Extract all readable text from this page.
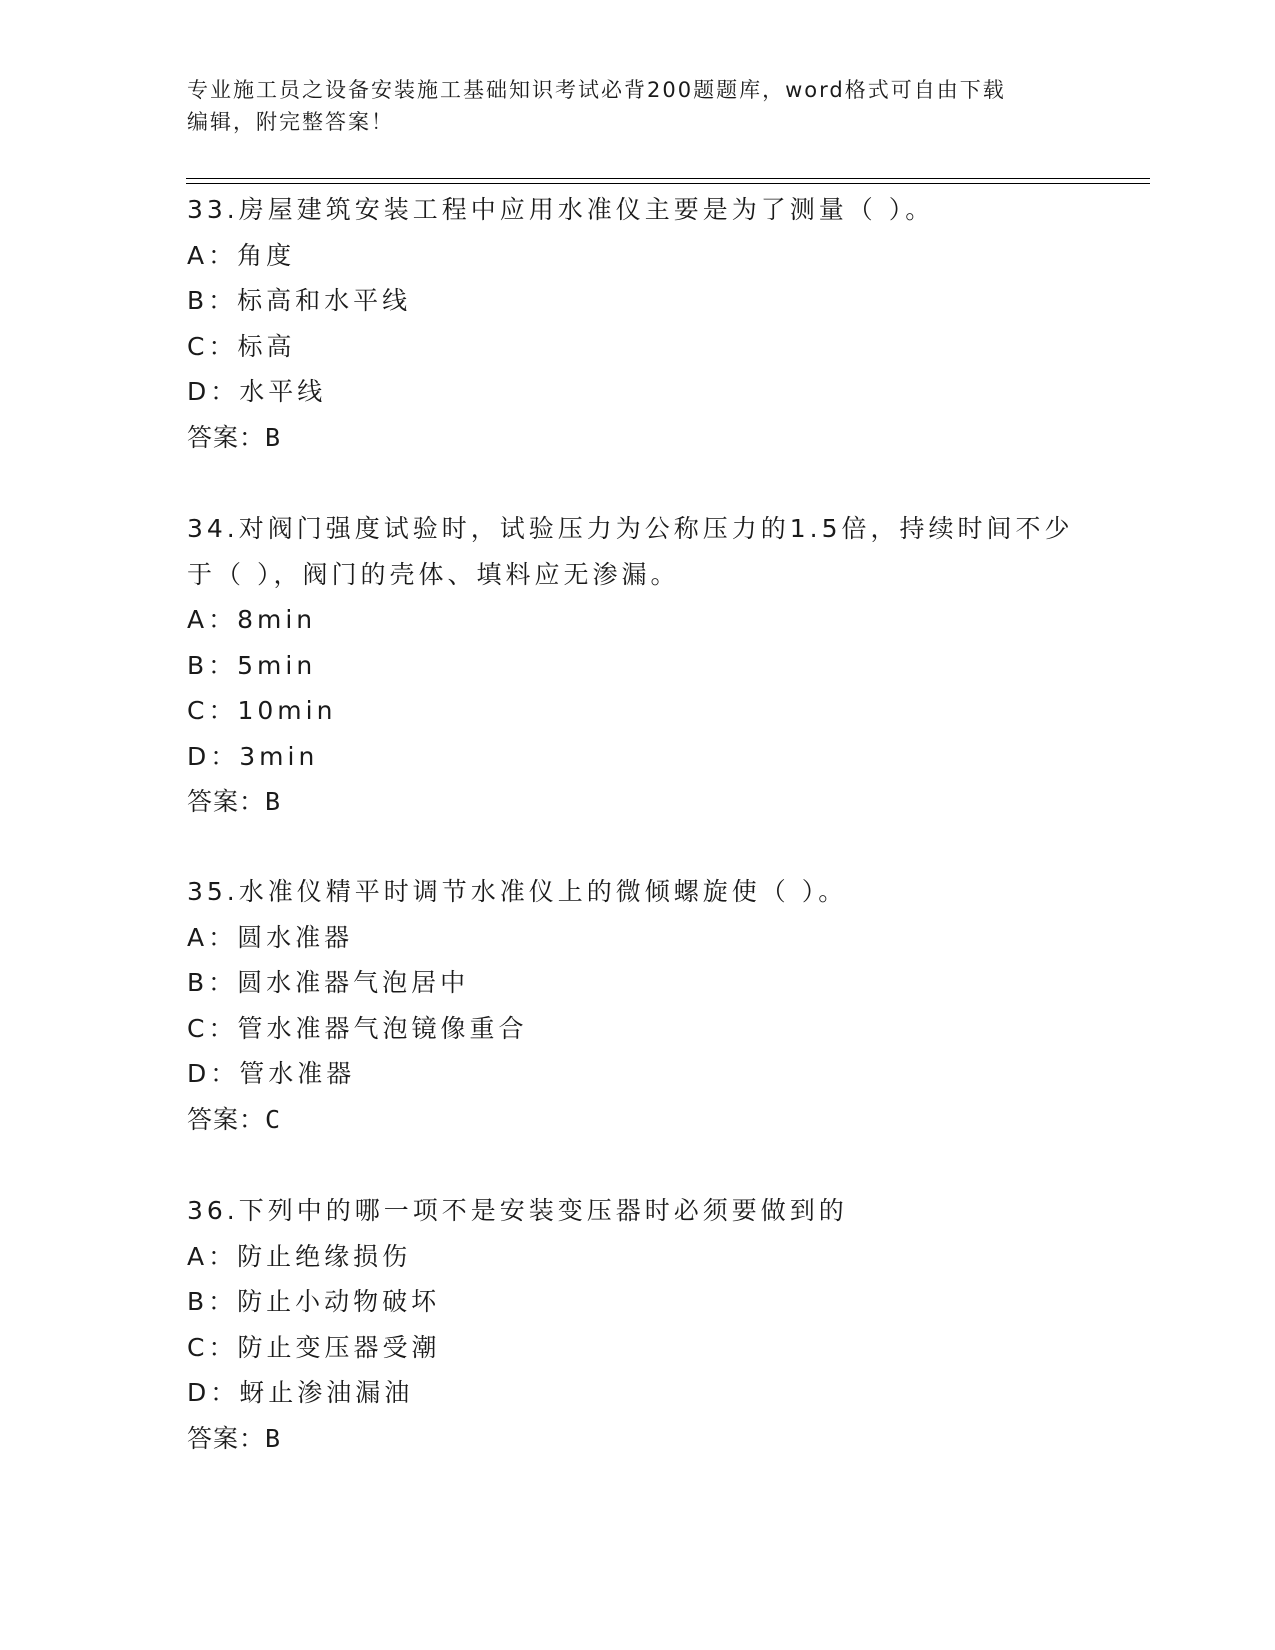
专业施工员之设备安装施工基础知识考试必背200题题库，word格式可自由下载
编辑，附完整答案！
33.房屋建筑安装工程中应用水准仪主要是为了测量（ ）。
A：角度
B：标高和水平线
C：标高
D：水平线
答案：B
34.对阀门强度试验时，试验压力为公称压力的1.5倍，持续时间不少
于（ ），阀门的壳体、填料应无渗漏。
A：8min
B：5min
C：10min
D：3min
答案：B
35.水准仪精平时调节水准仪上的微倾螺旋使（ ）。
A：圆水准器
B：圆水准器气泡居中
C：管水准器气泡镜像重合
D：管水准器
答案：C
36.下列中的哪一项不是安装变压器时必须要做到的
A：防止绝缘损伤
B：防止小动物破坏
C：防止变压器受潮
D：蚜止渗油漏油
答案：B
